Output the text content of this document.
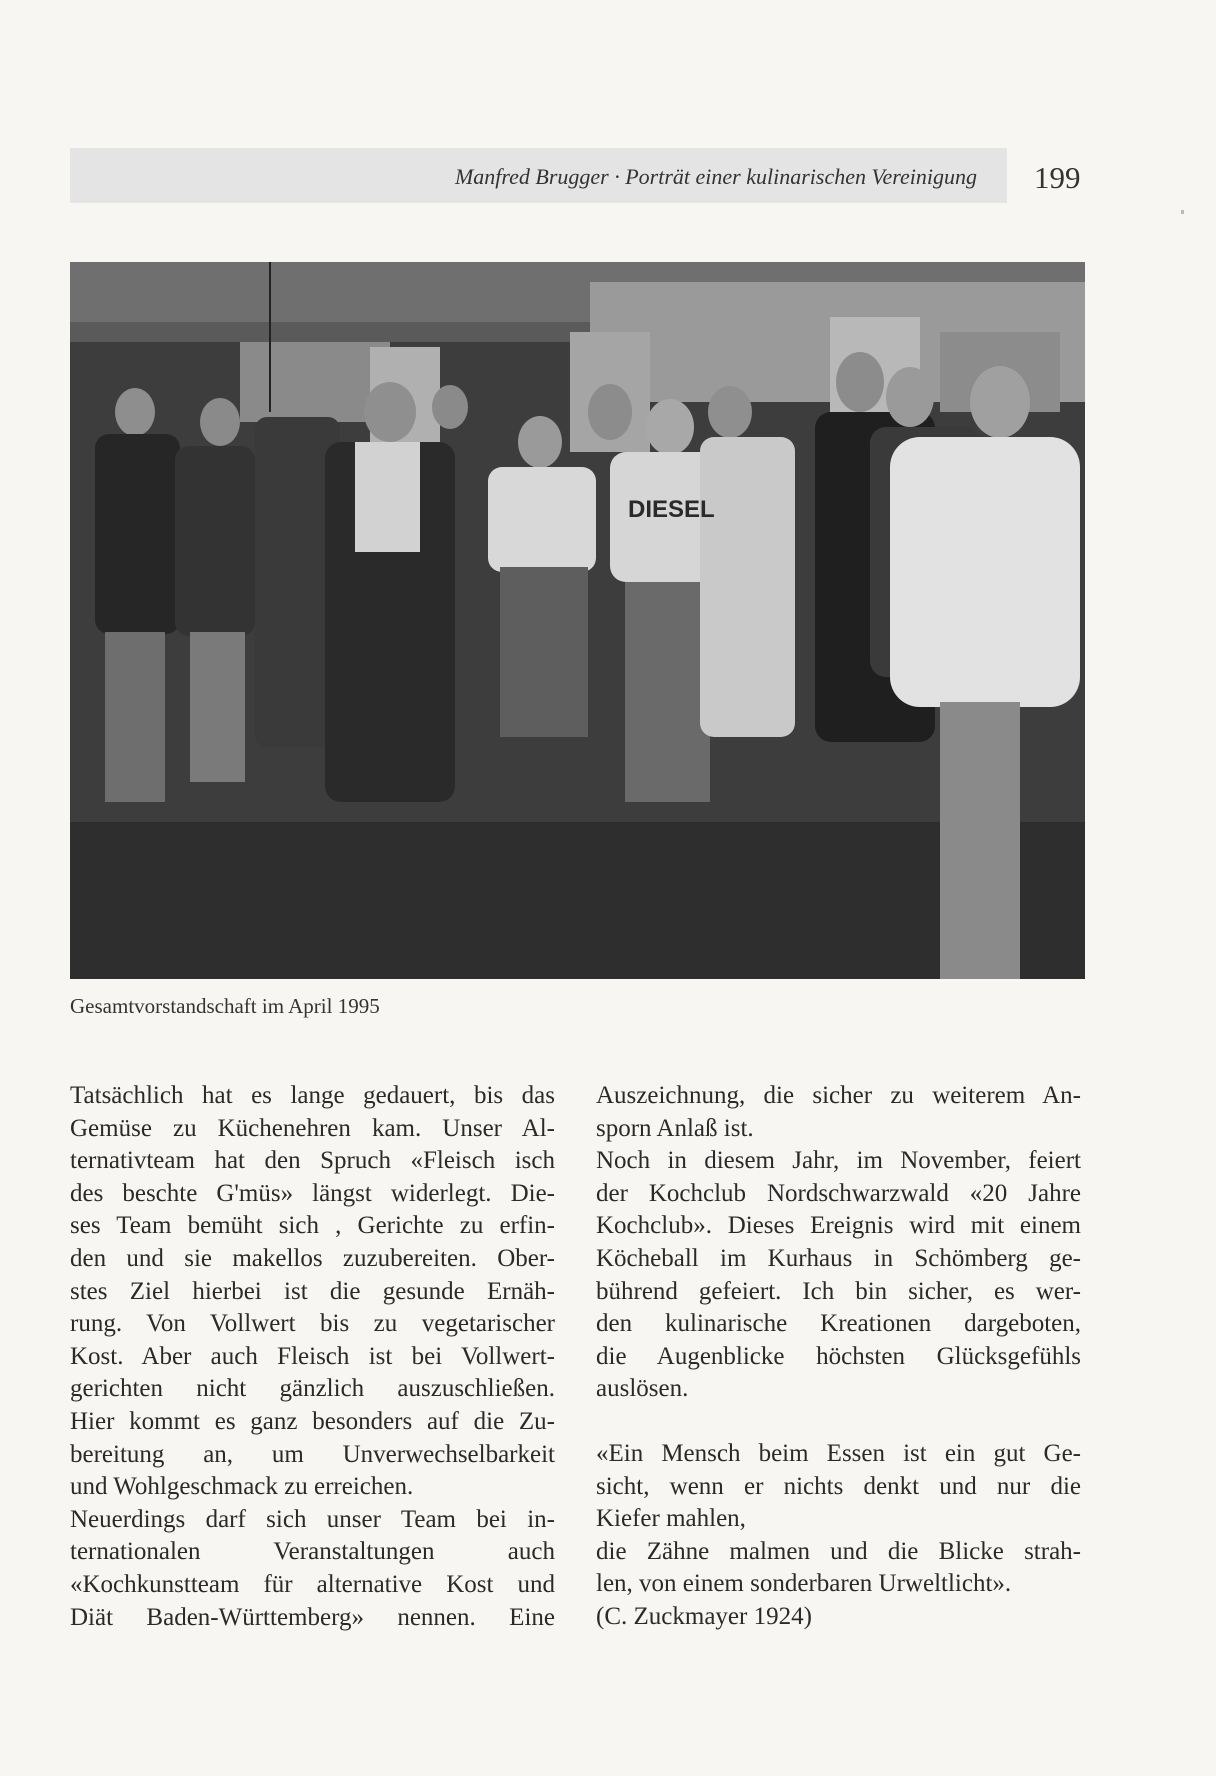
Manfred Brugger · Porträt einer kulinarischen Vereinigung 199
DIESEL
Gesamtvorstandschaft im April 1995
Tatsächlich hat es lange gedauert, bis das
Gemüse zu Küchenehren kam. Unser Al-
ternativteam hat den Spruch «Fleisch isch
des beschte G'müs» längst widerlegt. Die-
ses Team bemüht sich , Gerichte zu erfin-
den und sie makellos zuzubereiten. Ober-
stes Ziel hierbei ist die gesunde Ernäh-
rung. Von Vollwert bis zu vegetarischer
Kost. Aber auch Fleisch ist bei Vollwert-
gerichten nicht gänzlich auszuschließen.
Hier kommt es ganz besonders auf die Zu-
bereitung an, um Unverwechselbarkeit
und Wohlgeschmack zu erreichen.
Neuerdings darf sich unser Team bei in-
ternationalen Veranstaltungen auch
«Kochkunstteam für alternative Kost und
Diät Baden-Württemberg» nennen. Eine
Auszeichnung, die sicher zu weiterem An-
sporn Anlaß ist.
Noch in diesem Jahr, im November, feiert
der Kochclub Nordschwarzwald «20 Jahre
Kochclub». Dieses Ereignis wird mit einem
Köcheball im Kurhaus in Schömberg ge-
bührend gefeiert. Ich bin sicher, es wer-
den kulinarische Kreationen dargeboten,
die Augenblicke höchsten Glücksgefühls
auslösen.
«Ein Mensch beim Essen ist ein gut Ge-
sicht, wenn er nichts denkt und nur die
Kiefer mahlen,
die Zähne malmen und die Blicke strah-
len, von einem sonderbaren Urweltlicht».
(C. Zuckmayer 1924)
